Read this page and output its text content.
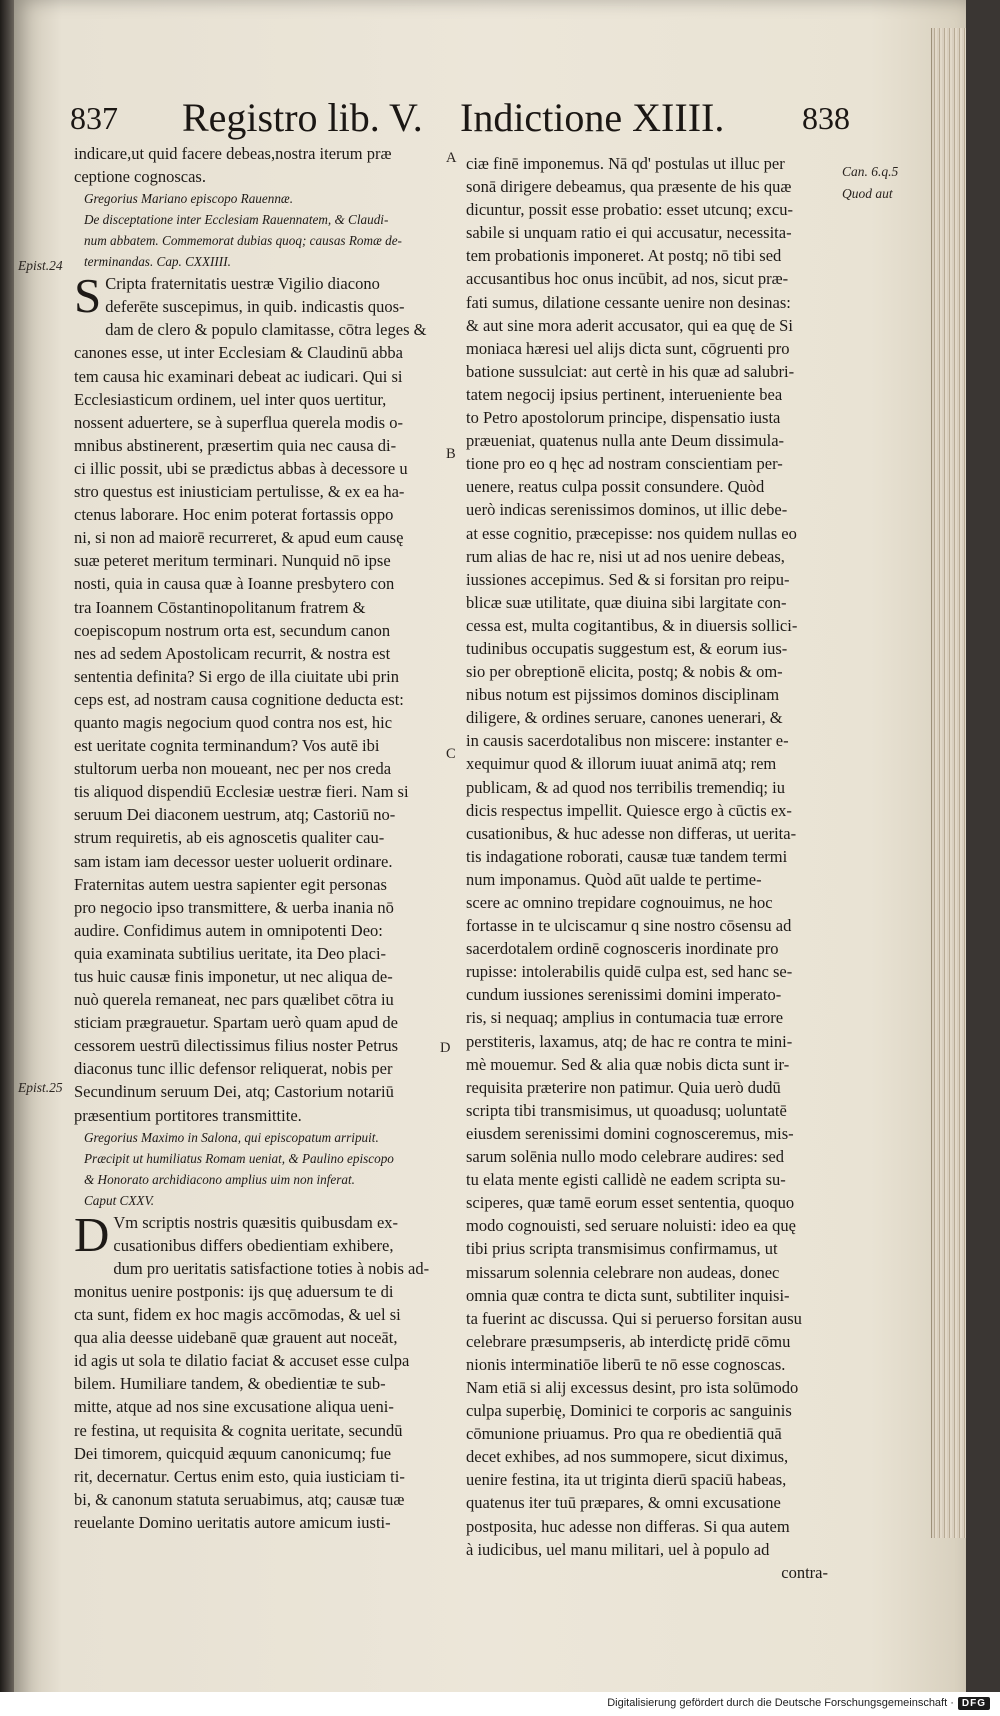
837 Registro lib. V. Indictione XIIII. 838

indicare,ut quid facere debeas,nostra iterum præ

ceptione cognoscas.

Gregorius Mariano episcopo Rauennæ.

De disceptatione inter Ecclesiam Rauennatem, & Claudi-

num abbatem. Commemorat dubias quoq; causas Romæ de-

terminandas. Cap. CXXIIII.

S Cripta fraternitatis uestræ Vigilio diacono

deferēte suscepimus, in quib. indicastis quos-

dam de clero & populo clamitasse, cōtra leges &

canones esse, ut inter Ecclesiam & Claudinū abba

tem causa hic examinari debeat ac iudicari. Qui si

Ecclesiasticum ordinem, uel inter quos uertitur,

nossent aduertere, se à superflua querela modis o-

mnibus abstinerent, præsertim quia nec causa di-

ci illic possit, ubi se prædictus abbas à decessore u

stro questus est iniusticiam pertulisse, & ex ea ha-

ctenus laborare. Hoc enim poterat fortassis oppo

ni, si non ad maiorē recurreret, & apud eum causę

suæ peteret meritum terminari. Nunquid nō ipse

nosti, quia in causa quæ à Ioanne presbytero con

tra Ioannem Cōstantinopolitanum fratrem &

coepiscopum nostrum orta est, secundum canon

nes ad sedem Apostolicam recurrit, & nostra est

sententia definita? Si ergo de illa ciuitate ubi prin

ceps est, ad nostram causa cognitione deducta est:

quanto magis negocium quod contra nos est, hic

est ueritate cognita terminandum? Vos autē ibi

stultorum uerba non moueant, nec per nos creda

tis aliquod dispendiū Ecclesiæ uestræ fieri. Nam si

seruum Dei diaconem uestrum, atq; Castoriū no-

strum requiretis, ab eis agnoscetis qualiter cau-

sam istam iam decessor uester uoluerit ordinare.

Fraternitas autem uestra sapienter egit personas

pro negocio ipso transmittere, & uerba inania nō

audire. Confidimus autem in omnipotenti Deo:

quia examinata subtilius ueritate, ita Deo placi-

tus huic causæ finis imponetur, ut nec aliqua de-

nuò querela remaneat, nec pars quælibet cōtra iu

sticiam prægrauetur. Spartam uerò quam apud de

cessorem uestrū dilectissimus filius noster Petrus

diaconus tunc illic defensor reliquerat, nobis per

Secundinum seruum Dei, atq; Castorium notariū

præsentium portitores transmittite.

Gregorius Maximo in Salona, qui episcopatum arripuit.

Præcipit ut humiliatus Romam ueniat, & Paulino episcopo

& Honorato archidiacono amplius uim non inferat.

Caput CXXV.

D Vm scriptis nostris quæsitis quibusdam ex-

cusationibus differs obedientiam exhibere,

dum pro ueritatis satisfactione toties à nobis ad-

monitus uenire postponis: ijs quę aduersum te di

cta sunt, fidem ex hoc magis accōmodas, & uel si

qua alia deesse uidebanē quæ grauent aut noceāt,

id agis ut sola te dilatio faciat & accuset esse culpa

bilem. Humiliare tandem, & obedientiæ te sub-

mitte, atque ad nos sine excusatione aliqua ueni-

re festina, ut requisita & cognita ueritate, secundū

Dei timorem, quicquid æquum canonicumq; fue

rit, decernatur. Certus enim esto, quia iusticiam ti-

bi, & canonum statuta seruabimus, atq; causæ tuæ

reuelante Domino ueritatis autore amicum iusti-

ciæ finē imponemus. Nā qd' postulas ut illuc per

sonā dirigere debeamus, qua præsente de his quæ

dicuntur, possit esse probatio: esset utcunq; excu-

sabile si unquam ratio ei qui accusatur, necessita-

tem probationis imponeret. At postq; nō tibi sed

accusantibus hoc onus incūbit, ad nos, sicut præ-

fati sumus, dilatione cessante uenire non desinas:

& aut sine mora aderit accusator, qui ea quę de Si

moniaca hæresi uel alijs dicta sunt, cōgruenti pro

batione sussulciat: aut certè in his quæ ad salubri-

tatem negocij ipsius pertinent, interueniente bea

to Petro apostolorum principe, dispensatio iusta

præueniat, quatenus nulla ante Deum dissimula-

tione pro eo q hęc ad nostram conscientiam per-

uenere, reatus culpa possit consundere. Quòd

uerò indicas serenissimos dominos, ut illic debe-

at esse cognitio, præcepisse: nos quidem nullas eo

rum alias de hac re, nisi ut ad nos uenire debeas,

iussiones accepimus. Sed & si forsitan pro reipu-

blicæ suæ utilitate, quæ diuina sibi largitate con-

cessa est, multa cogitantibus, & in diuersis sollici-

tudinibus occupatis suggestum est, & eorum ius-

sio per obreptionē elicita, postq; & nobis & om-

nibus notum est pijssimos dominos disciplinam

diligere, & ordines seruare, canones uenerari, &

in causis sacerdotalibus non miscere: instanter e-

xequimur quod & illorum iuuat animā atq; rem

publicam, & ad quod nos terribilis tremendiq; iu

dicis respectus impellit. Quiesce ergo à cūctis ex-

cusationibus, & huc adesse non differas, ut uerita-

tis indagatione roborati, causæ tuæ tandem termi

num imponamus. Quòd aūt ualde te pertime-

scere ac omnino trepidare cognouimus, ne hoc

fortasse in te ulciscamur q sine nostro cōsensu ad

sacerdotalem ordinē cognosceris inordinate pro

rupisse: intolerabilis quidē culpa est, sed hanc se-

cundum iussiones serenissimi domini imperato-

ris, si nequaq; amplius in contumacia tuæ errore

perstiteris, laxamus, atq; de hac re contra te mini-

mè mouemur. Sed & alia quæ nobis dicta sunt ir-

requisita præterire non patimur. Quia uerò dudū

scripta tibi transmisimus, ut quoadusq; uoluntatē

eiusdem serenissimi domini cognosceremus, mis-

sarum solēnia nullo modo celebrare audires: sed

tu elata mente egisti callidè ne eadem scripta su-

sciperes, quæ tamē eorum esset sententia, quoquo

modo cognouisti, sed seruare noluisti: ideo ea quę

tibi prius scripta transmisimus confirmamus, ut

missarum solennia celebrare non audeas, donec

omnia quæ contra te dicta sunt, subtiliter inquisi-

ta fuerint ac discussa. Qui si peruerso forsitan ausu

celebrare præsumpseris, ab interdictę pridē cōmu

nionis interminatiōe liberū te nō esse cognoscas.

Nam etiā si alij excessus desint, pro ista solūmodo

culpa superbię, Dominici te corporis ac sanguinis

cōmunione priuamus. Pro qua re obedientiā quā

decet exhibes, ad nos summopere, sicut diximus,

uenire festina, ita ut triginta dierū spaciū habeas,

quatenus iter tuū præpares, & omni excusatione

postposita, huc adesse non differas. Si qua autem

à iudicibus, uel manu militari, uel à populo ad

contra-

Epist.24
Epist.25
Can. 6.q.5
Quod aut
A
B
C
D
Digitalisierung gefördert durch die Deutsche Forschungsgemeinschaft · DFG
